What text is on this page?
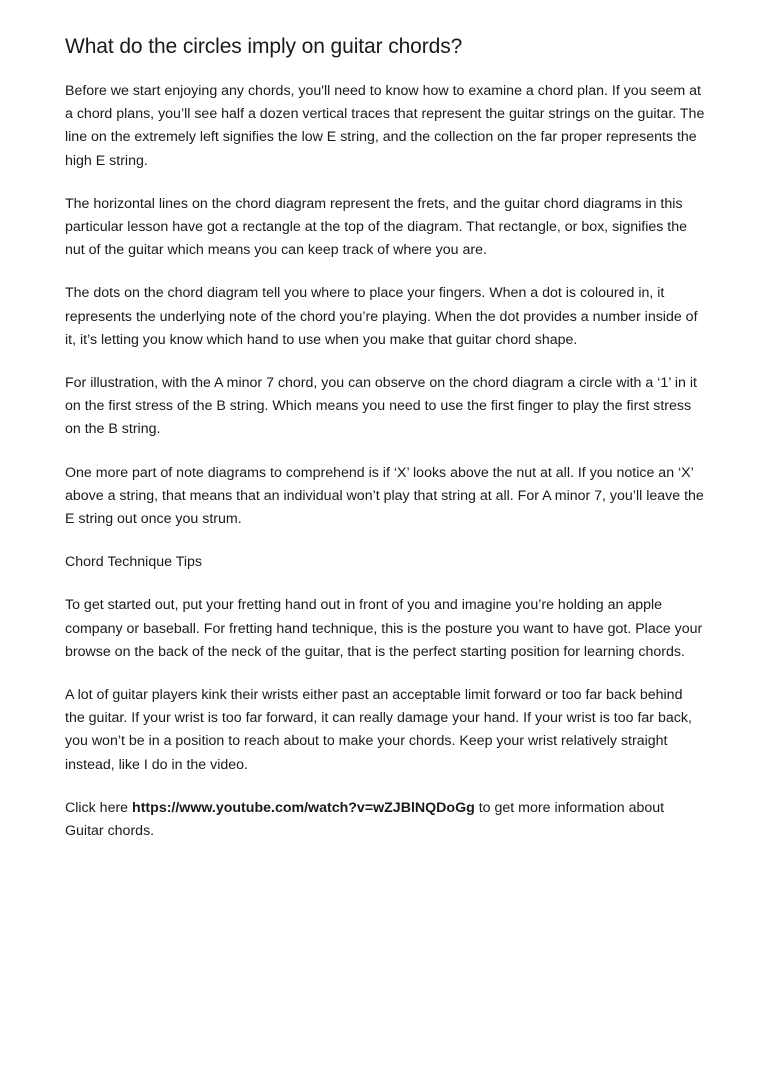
What do the circles imply on guitar chords?

Before we start enjoying any chords, you'll need to know how to examine a chord plan. If you seem at a chord plans, you’ll see half a dozen vertical traces that represent the guitar strings on the guitar. The line on the extremely left signifies the low E string, and the collection on the far proper represents the high E string.

The horizontal lines on the chord diagram represent the frets, and the guitar chord diagrams in this particular lesson have got a rectangle at the top of the diagram. That rectangle, or box, signifies the nut of the guitar which means you can keep track of where you are.

The dots on the chord diagram tell you where to place your fingers. When a dot is coloured in, it represents the underlying note of the chord you’re playing. When the dot provides a number inside of it, it’s letting you know which hand to use when you make that guitar chord shape.

For illustration, with the A minor 7 chord, you can observe on the chord diagram a circle with a ‘1’ in it on the first stress of the B string. Which means you need to use the first finger to play the first stress on the B string.

One more part of note diagrams to comprehend is if ‘X’ looks above the nut at all. If you notice an ‘X’ above a string, that means that an individual won’t play that string at all. For A minor 7, you’ll leave the E string out once you strum.

Chord Technique Tips

To get started out, put your fretting hand out in front of you and imagine you’re holding an apple company or baseball. For fretting hand technique, this is the posture you want to have got. Place your browse on the back of the neck of the guitar, that is the perfect starting position for learning chords.

A lot of guitar players kink their wrists either past an acceptable limit forward or too far back behind the guitar. If your wrist is too far forward, it can really damage your hand. If your wrist is too far back, you won’t be in a position to reach about to make your chords. Keep your wrist relatively straight instead, like I do in the video.

Click here https://www.youtube.com/watch?v=wZJBlNQDoGg to get more information about Guitar chords.
